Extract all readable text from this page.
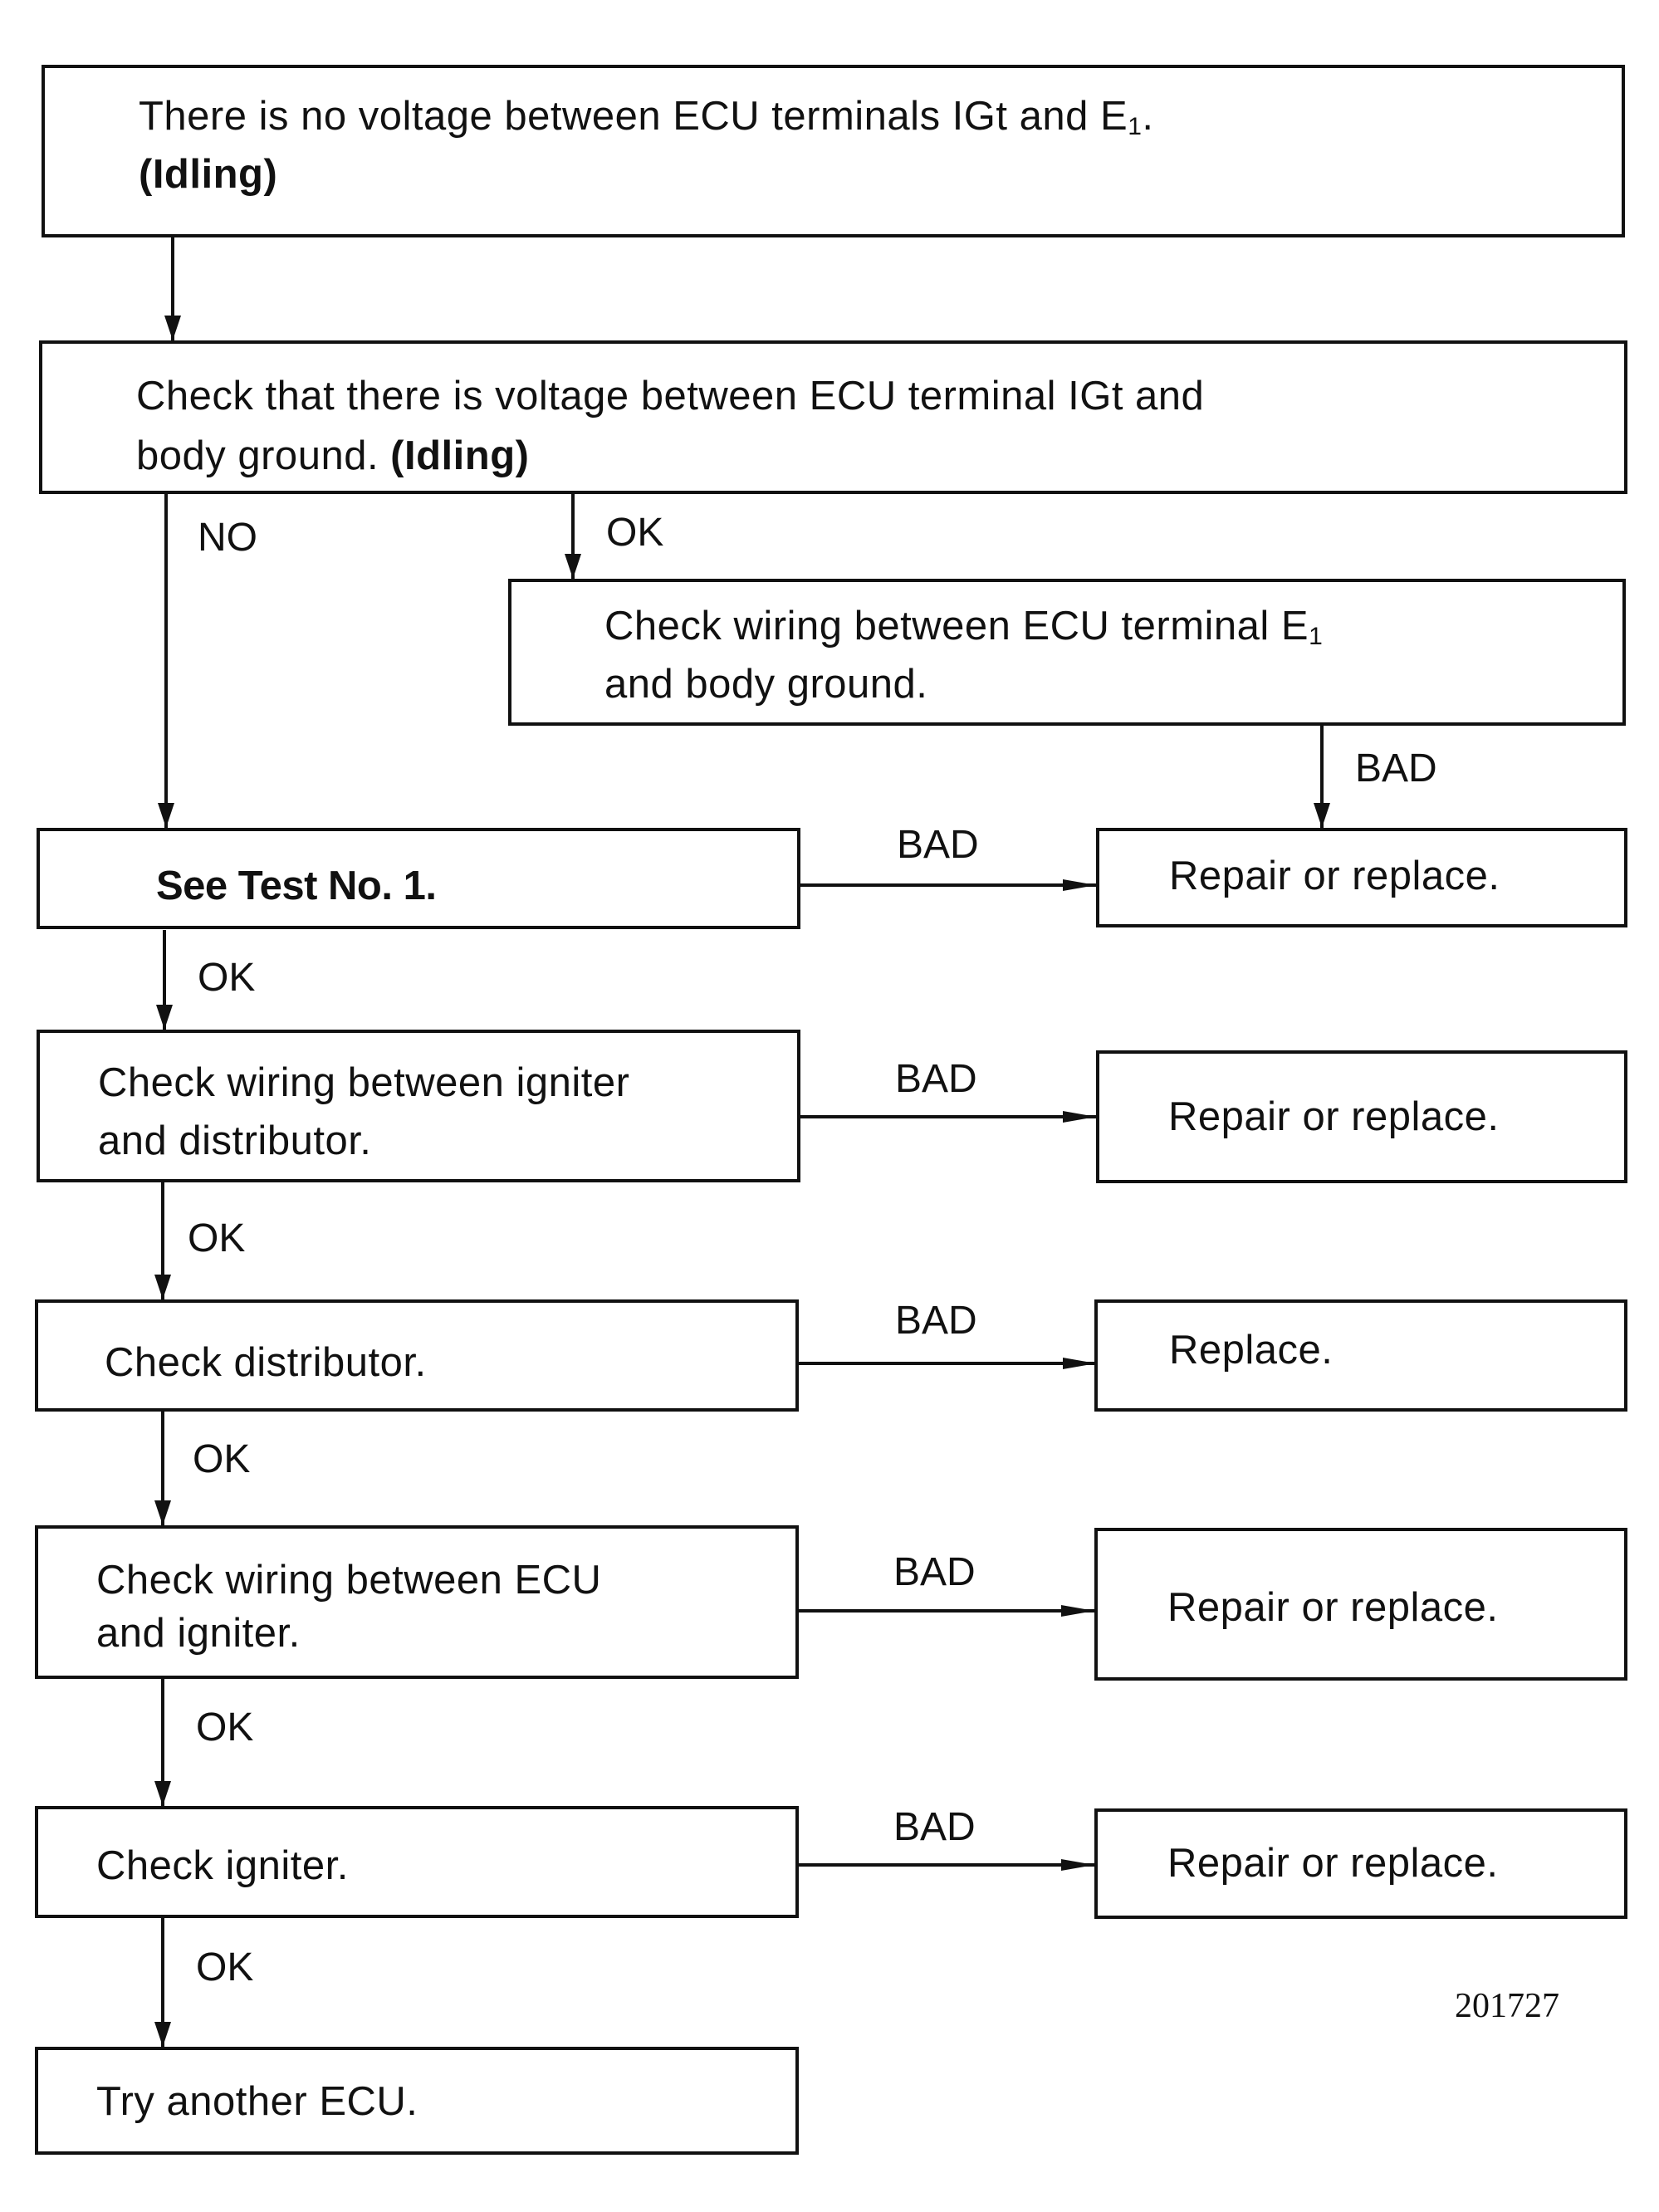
There is no voltage between ECU terminals IGt and $E_1$.
(Idling)
Check that there is voltage between ECU terminal IGt and
body ground. (Idling)
NO	OK
Check wiring between ECU terminal $E_1$
and body ground.
BAD
See Test No. 1.
BAD
Repair or replace.
OK
Check wiring between igniter
and distributor.
BAD
Repair or replace.
OK
Check distributor.
BAD
Replace.
OK
Check wiring between ECU
and igniter.
BAD
Repair or replace.
OK
Check igniter.
BAD
Repair or replace.
OK
201727
Try another ECU.
